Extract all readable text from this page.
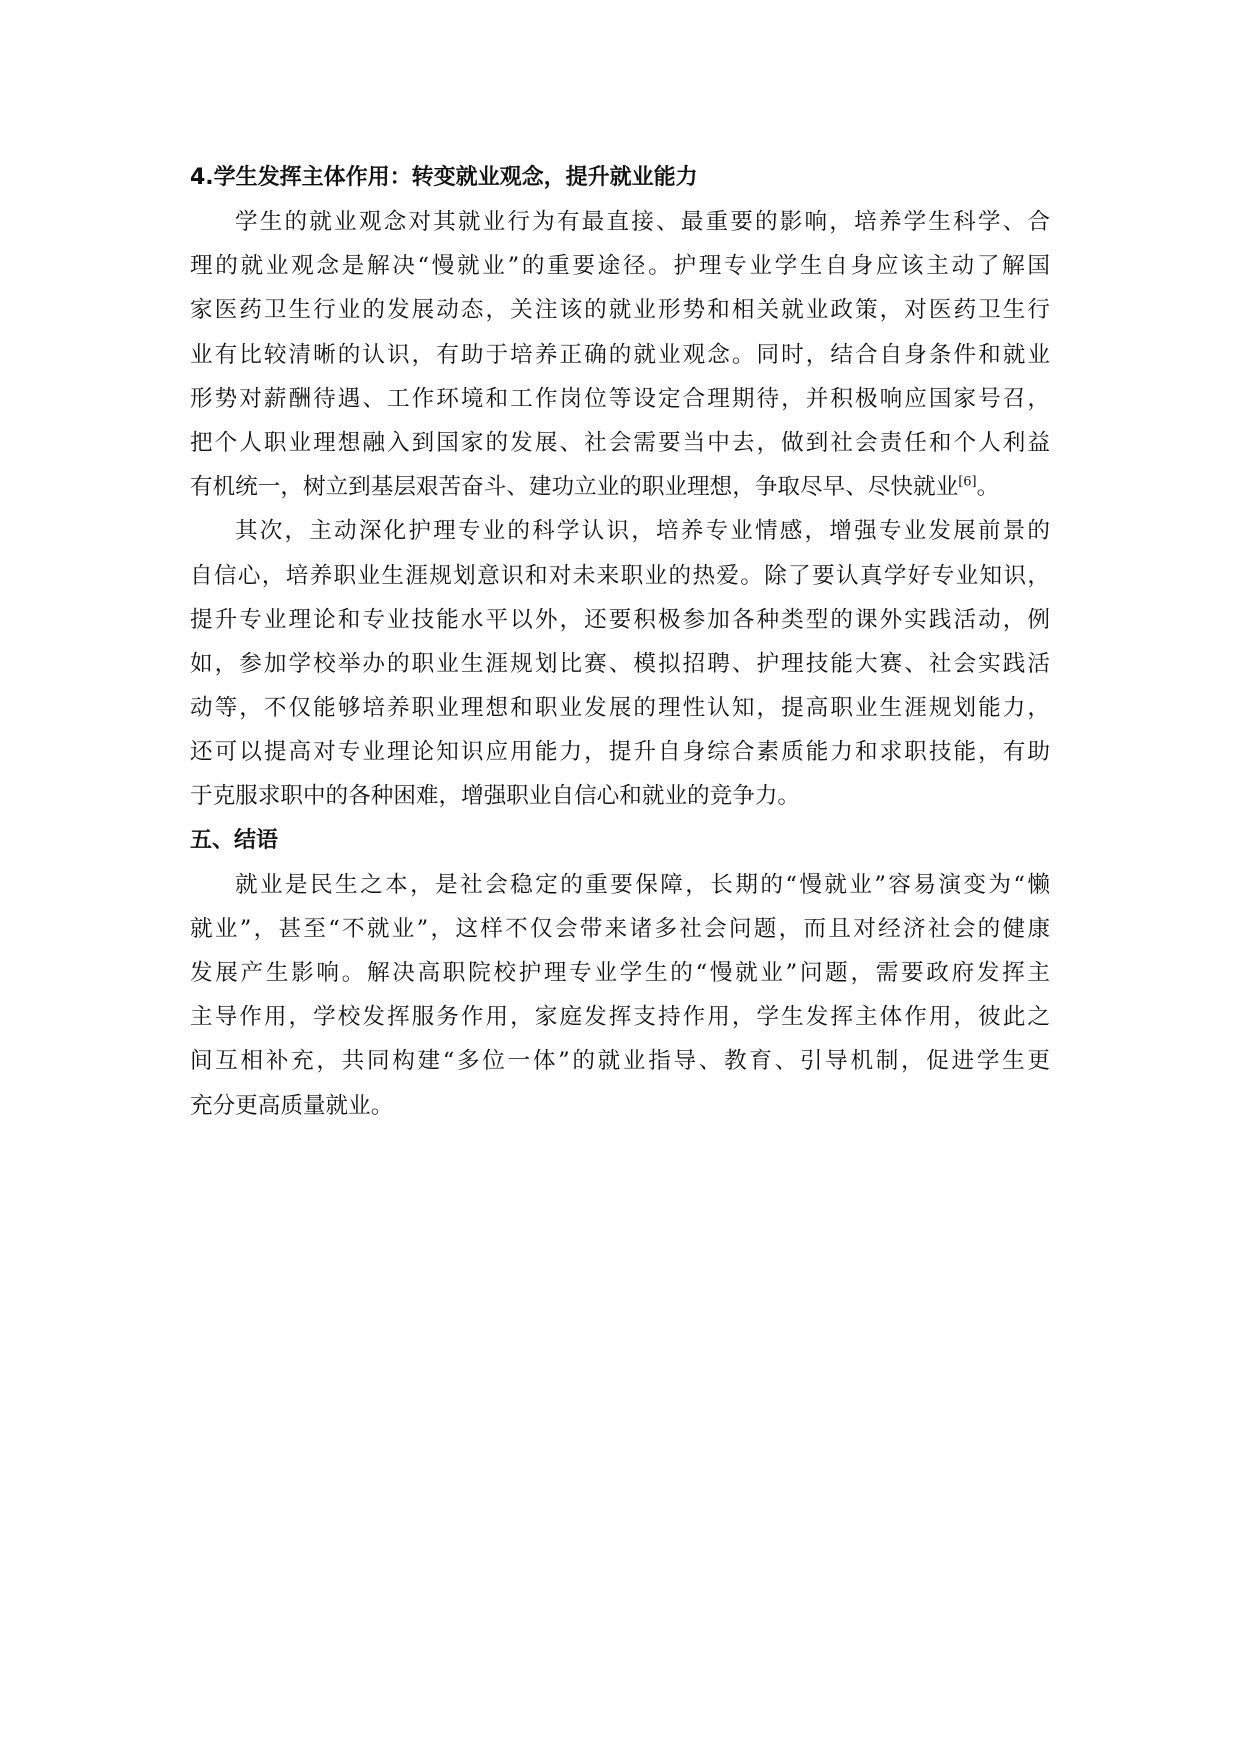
4.学生发挥主体作用：转变就业观念，提升就业能力

学生的就业观念对其就业行为有最直接、最重要的影响，培养学生科学、合
理的就业观念是解决“慢就业”的重要途径。护理专业学生自身应该主动了解国
家医药卫生行业的发展动态，关注该的就业形势和相关就业政策，对医药卫生行
业有比较清晰的认识，有助于培养正确的就业观念。同时，结合自身条件和就业
形势对薪酬待遇、工作环境和工作岗位等设定合理期待，并积极响应国家号召，
把个人职业理想融入到国家的发展、社会需要当中去，做到社会责任和个人利益
有机统一，树立到基层艰苦奋斗、建功立业的职业理想，争取尽早、尽快就业[6]。

其次，主动深化护理专业的科学认识，培养专业情感，增强专业发展前景的
自信心，培养职业生涯规划意识和对未来职业的热爱。除了要认真学好专业知识，
提升专业理论和专业技能水平以外，还要积极参加各种类型的课外实践活动，例
如，参加学校举办的职业生涯规划比赛、模拟招聘、护理技能大赛、社会实践活
动等，不仅能够培养职业理想和职业发展的理性认知，提高职业生涯规划能力，
还可以提高对专业理论知识应用能力，提升自身综合素质能力和求职技能，有助
于克服求职中的各种困难，增强职业自信心和就业的竞争力。

五、结语

就业是民生之本，是社会稳定的重要保障，长期的“慢就业”容易演变为“懒
就业”，甚至“不就业”，这样不仅会带来诸多社会问题，而且对经济社会的健康
发展产生影响。解决高职院校护理专业学生的“慢就业”问题，需要政府发挥主
主导作用，学校发挥服务作用，家庭发挥支持作用，学生发挥主体作用，彼此之
间互相补充，共同构建“多位一体”的就业指导、教育、引导机制，促进学生更
充分更高质量就业。
